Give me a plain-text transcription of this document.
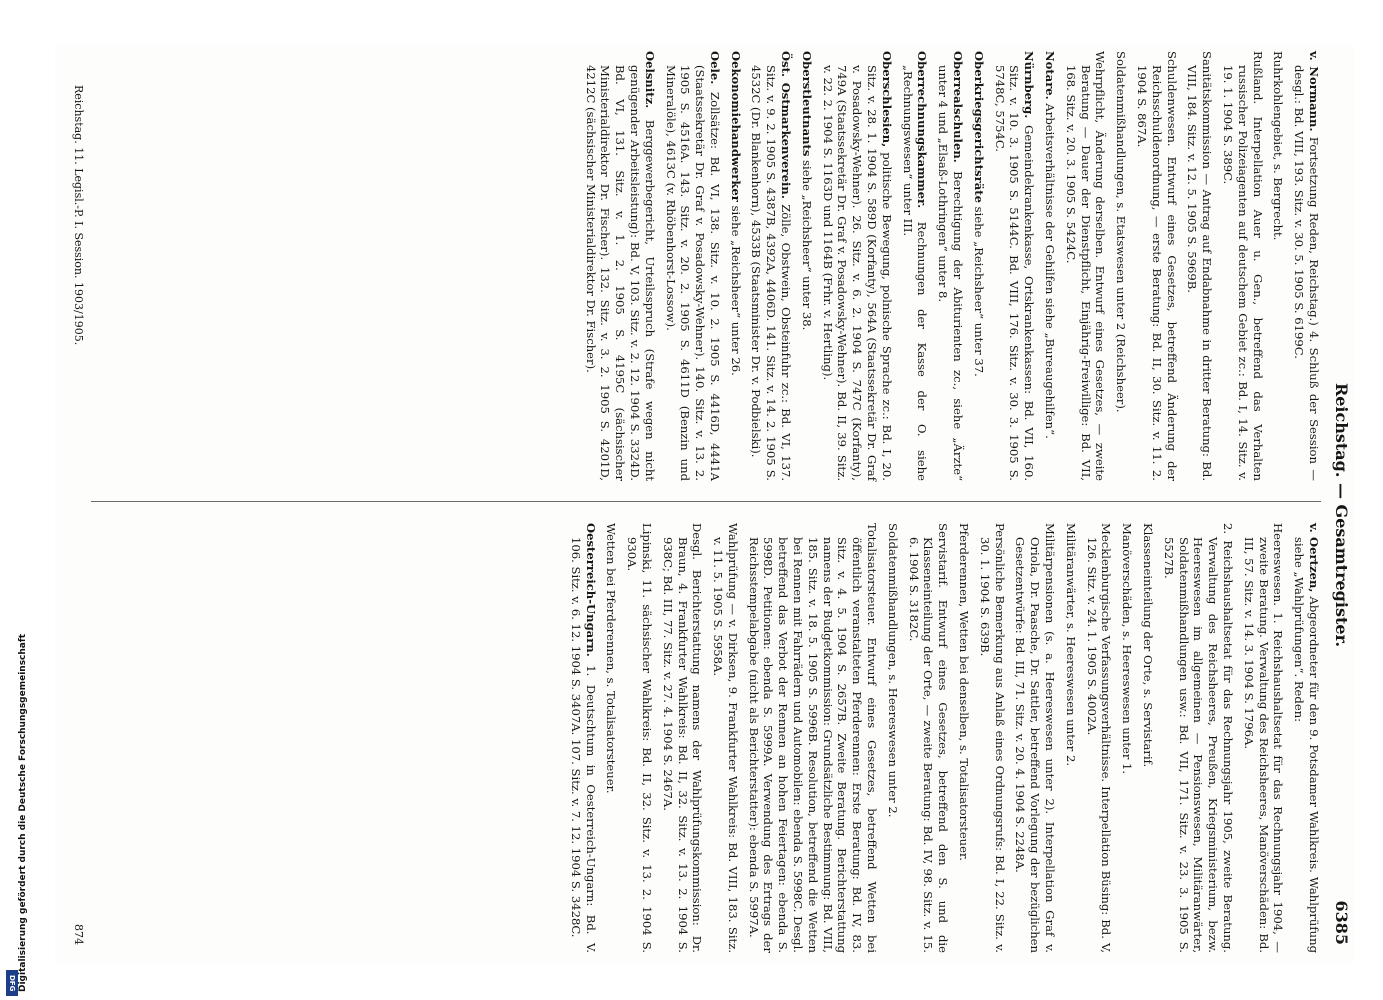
Reichstag. — Gesamtregister.
6385

v. Normann. Fortsetzung Reden, Reichstag.) 4. Schluß der Session — desgl.: Bd. VIII, 193. Sitz. v. 30. 5. 1905 S. 6199C.

Ruhrkohlengebiet, s. Bergrecht.

Rußland. Interpellation Auer u. Gen., betreffend das Verhalten russischer Polizeiagenten auf deutschem Gebiet zc.: Bd. I, 14. Sitz. v. 19. 1. 1904 S. 389C.

Sanitätskommission — Antrag auf Endabnahme in dritter Beratung: Bd. VIII, 184. Sitz. v. 12. 5. 1905 S. 5969B.

Schuldenwesen. Entwurf eines Gesetzes, betreffend Änderung der Reichsschuldenordnung, — erste Beratung: Bd. II, 30. Sitz. v. 11. 2. 1904 S. 867A.

Soldatenmißhandlungen, s. Etatswesen unter 2 (Reichsheer).

Wehrpflicht, Änderung derselben. Entwurf eines Gesetzes, — zweite Beratung — Dauer der Dienstpflicht, Einjährig-Freiwillige: Bd. VII, 168. Sitz. v. 20. 3. 1905 S. 5424C.

Notare. Arbeitsverhältnisse der Gehilfen siehe „Bureaugehilfen“.

Nürnberg. Gemeindekrankenkasse, Ortskrankenkassen: Bd. VII, 160. Sitz. v. 10. 3. 1905 S. 5144C. Bd. VIII, 176. Sitz. v. 30. 3. 1905 S. 5748C, 5754C.

Oberkriegsgerichtsräte siehe „Reichsheer“ unter 37.

Oberrealschulen. Berechtigung der Abiturienten zc., siehe „Ärzte“ unter 4 und „Elsaß-Lothringen“ unter 8.

Oberrechnungskammer. Rechnungen der Kasse der O. siehe „Rechnungswesen“ unter III.

Oberschlesien, politische Bewegung, polnische Sprache zc.: Bd. I, 20. Sitz. v. 28. 1. 1904 S. 589D (Korfanty), 564A (Staatssekretär Dr. Graf v. Posadowsky-Wehner). 26. Sitz. v. 6. 2. 1904 S. 747C (Korfanty), 749A (Staatssekretär Dr. Graf v. Posadowsky-Wehner). Bd. II, 39. Sitz. v. 22. 2. 1904 S. 1163D und 1164B (Frhr. v. Hertling).

Oberstleutnants siehe „Reichsheer“ unter 38.

Öst. Ostmarkenverein. Zölle, Obstwein, Obsteinfuhr zc.: Bd. VI, 137. Sitz. v. 9. 2. 1905 S. 4387B, 4392A, 4406D. 141. Sitz. v. 14. 2. 1905 S. 4532C (Dr. Blankenhorn), 4533B (Staatsminister Dr. v. Podbielski).

Oekonomiehandwerker siehe „Reichsheer“ unter 26.

Oele. Zollsätze: Bd. VI, 138. Sitz. v. 10. 2. 1905 S. 4416D, 4441A (Staatssekretär Dr. Graf v. Posadowsky-Wehner). 140. Sitz. v. 13. 2. 1905 S. 4516A. 143. Sitz. v. 20. 2. 1905 S. 4611D (Benzin und Mineralöle), 4613C (v. Rhöbenhorst-Lossow).

Oelsnitz. Berggewerbegericht, Urteilsspruch (Strafe wegen nicht genügender Arbeitsleistung): Bd. V, 103. Sitz. v. 2. 12. 1904 S. 3324D. Bd. VI, 131. Sitz. v. 1. 2. 1905 S. 4195C (sächsischer Ministerialdirektor Dr. Fischer). 132. Sitz. v. 3. 2. 1905 S. 4201D, 4212C (sächsischer Ministerialdirektor Dr. Fischer).

v. Oertzen, Abgeordneter für den 9. Potsdamer Wahlkreis. Wahlprüfung siehe „Wahlprüfungen“. Reden:

Heereswesen. 1. Reichshaushaltsetat für das Rechnungsjahr 1904, — zweite Beratung. Verwaltung des Reichsheeres, Manöverschäden: Bd. III, 57. Sitz. v. 14. 3. 1904 S. 1796A.

2. Reichshaushaltsetat für das Rechnungsjahr 1905, zweite Beratung. Verwaltung des Reichsheeres, Preußen, Kriegsministerium, bezw. Heereswesen im allgemeinen — Pensionswesen, Militäranwärter, Soldatenmißhandlungen usw.: Bd. VII, 171. Sitz. v. 23. 3. 1905 S. 5527B.

Klasseneinteilung der Orte, s. Servistarif.

Manöverschäden, s. Heereswesen unter 1.

Mecklenburgische Verfassungsverhältnisse. Interpellation Büsing: Bd. V, 126. Sitz. v. 24. 1. 1905 S. 4002A.

Militäranwärter, s. Heereswesen unter 2.

Militärpensionen (s. a. Heereswesen unter 2). Interpellation Graf v. Oriola, Dr. Paasche, Dr. Sattler, betreffend Vorlegung der bezüglichen Gesetzentwürfe: Bd. III, 71. Sitz. v. 20. 4. 1904 S. 2248A.

Persönliche Bemerkung aus Anlaß eines Ordnungsrufs: Bd. I, 22. Sitz. v. 30. 1. 1904 S. 639B.

Pferderennen, Wetten bei denselben, s. Totalisatorsteuer.

Servistarif. Entwurf eines Gesetzes, betreffend den S. und die Klasseneinteilung der Orte, — zweite Beratung: Bd. IV, 98. Sitz. v. 15. 6. 1904 S. 3182C.

Soldatenmißhandlungen, s. Heereswesen unter 2.

Totalisatorsteuer. Entwurf eines Gesetzes, betreffend Wetten bei öffentlich veranstalteten Pferderennen: Erste Beratung: Bd. IV, 83. Sitz. v. 4. 5. 1904 S. 2657B. Zweite Beratung. Berichterstattung namens der Budgetkommission: Grundsätzliche Bestimmung: Bd. VIII, 185. Sitz. v. 18. 5. 1905 S. 5996B. Resolution, betreffend die Wetten bei Rennen mit Fahrrädern und Automobilen: ebenda S. 5998C. Desgl. betreffend das Verbot der Rennen an hohen Feiertagen: ebenda S. 5998D. Petitionen: ebenda S. 5999A. Verwendung des Ertrags der Reichsstempelabgabe (nicht als Berichterstatter): ebenda S. 5997A.

Wahlprüfung — v. Dirksen, 9. Frankfurter Wahlkreis: Bd. VIII, 183. Sitz. v. 11. 5. 1905 S. 5958A.

Desgl. Berichterstattung namens der Wahlprüfungskommission: Dr. Braun, 4. Frankfurter Wahlkreis: Bd. II, 32. Sitz. v. 13. 2. 1904 S. 938C; Bd. III, 77. Sitz. v. 27. 4. 1904 S. 2467A.

Lipinski, 11. sächsischer Wahlkreis: Bd. II, 32. Sitz. v. 13. 2. 1904 S. 930A.

Wetten bei Pferderennen, s. Totalisatorsteuer.

Oesterreich-Ungarn. 1. Deutschtum in Oesterreich-Ungarn: Bd. V. 106. Sitz. v. 6. 12. 1904 S. 3407A. 107. Sitz. v. 7. 12. 1904 S. 3428C.

Reichstag. 11. Legisl.-P. I. Session. 1903/1905.
874
Digitalisierung gefördert durch die Deutsche Forschungsgemeinschaft
DFG
